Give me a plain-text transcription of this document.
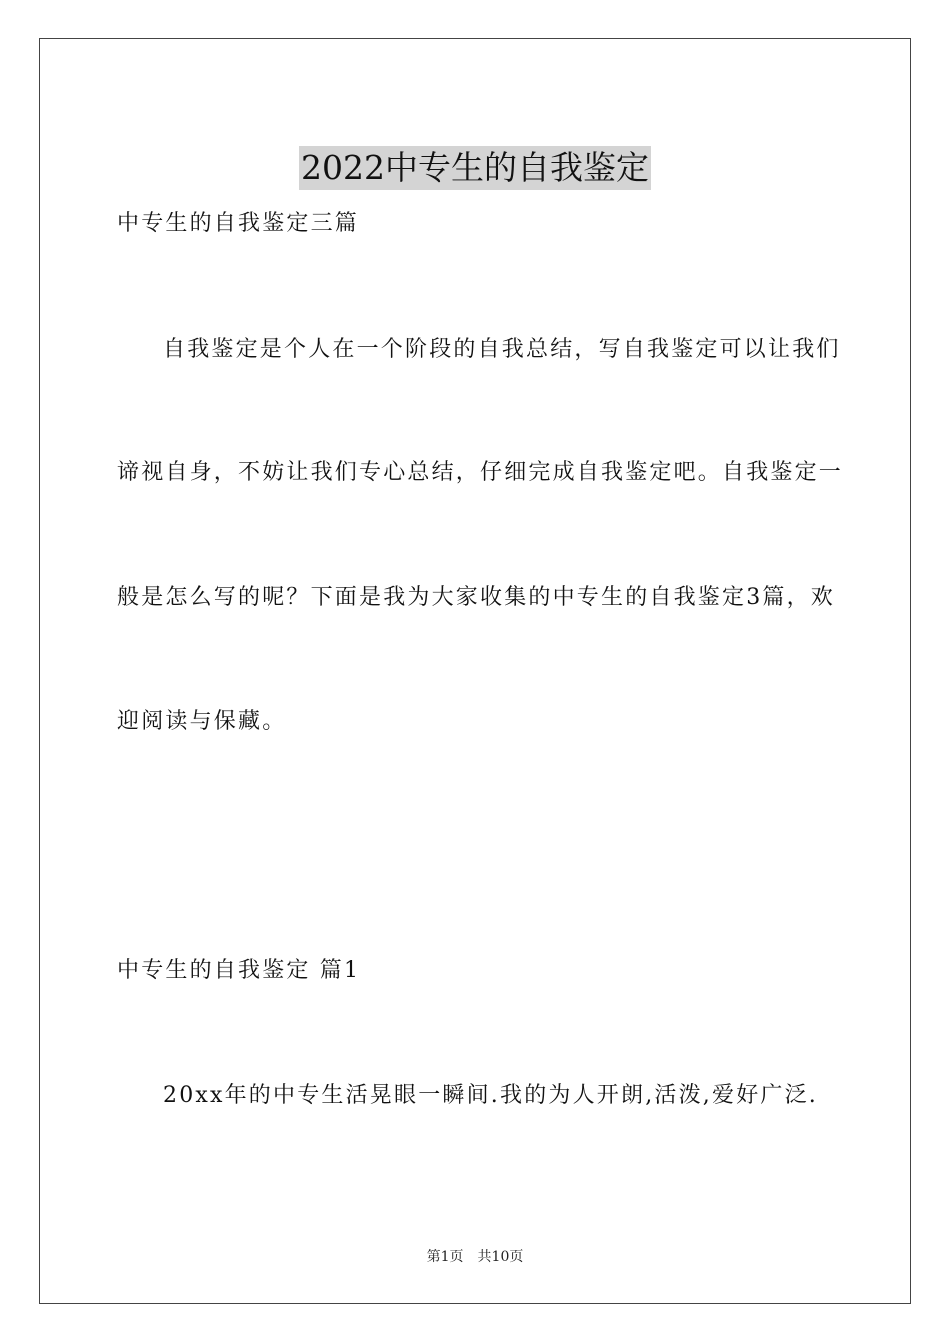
2022中专生的自我鉴定
中专生的自我鉴定三篇
自我鉴定是个人在一个阶段的自我总结，写自我鉴定可以让我们
谛视自身，不妨让我们专心总结，仔细完成自我鉴定吧。自我鉴定一
般是怎么写的呢？下面是我为大家收集的中专生的自我鉴定3篇，欢
迎阅读与保藏。
中专生的自我鉴定 篇1
20xx年的中专生活晃眼一瞬间.我的为人开朗,活泼,爱好广泛.
第1页 共10页
